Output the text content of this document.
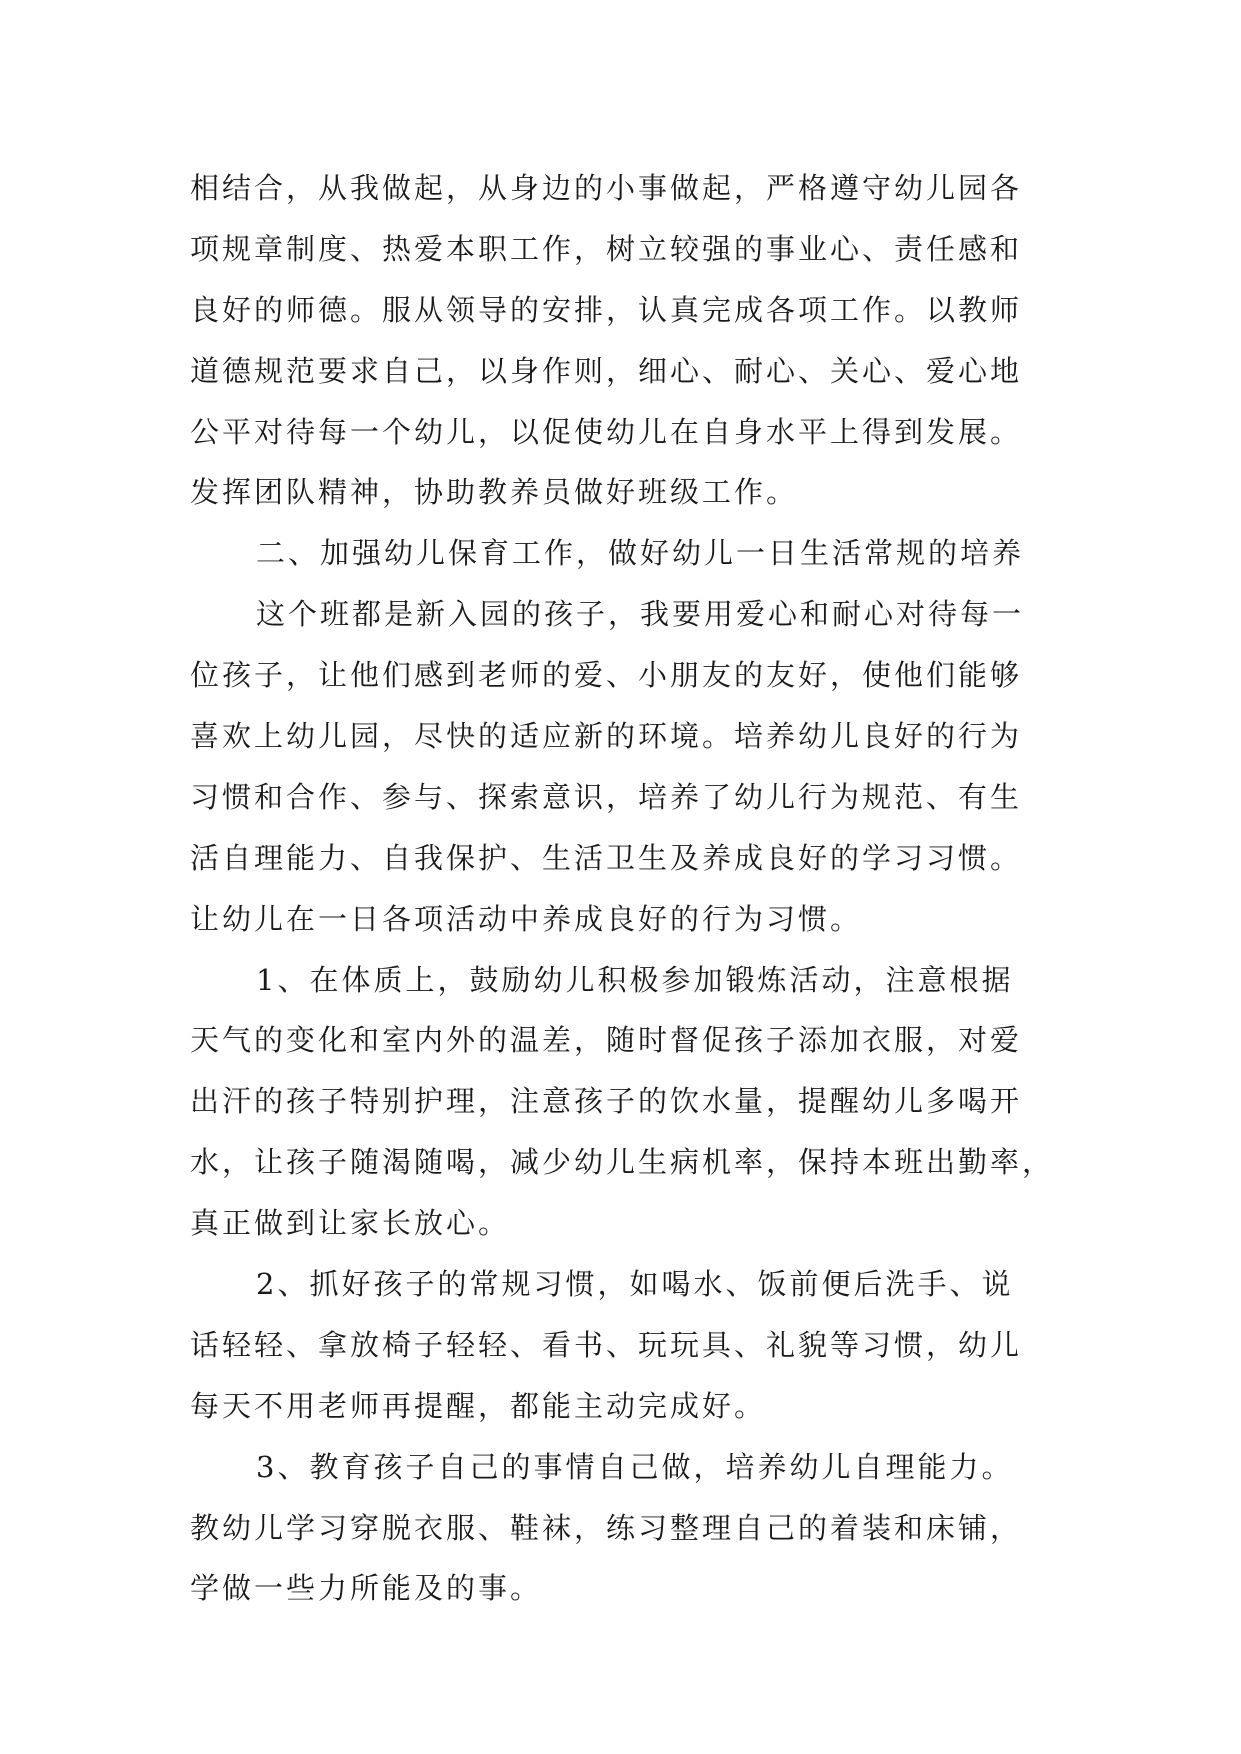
相结合，从我做起，从身边的小事做起，严格遵守幼儿园各
项规章制度、热爱本职工作，树立较强的事业心、责任感和
良好的师德。服从领导的安排，认真完成各项工作。以教师
道德规范要求自己，以身作则，细心、耐心、关心、爱心地
公平对待每一个幼儿，以促使幼儿在自身水平上得到发展。
发挥团队精神，协助教养员做好班级工作。
二、加强幼儿保育工作，做好幼儿一日生活常规的培养
这个班都是新入园的孩子，我要用爱心和耐心对待每一
位孩子，让他们感到老师的爱、小朋友的友好，使他们能够
喜欢上幼儿园，尽快的适应新的环境。培养幼儿良好的行为
习惯和合作、参与、探索意识，培养了幼儿行为规范、有生
活自理能力、自我保护、生活卫生及养成良好的学习习惯。
让幼儿在一日各项活动中养成良好的行为习惯。
1、在体质上，鼓励幼儿积极参加锻炼活动，注意根据
天气的变化和室内外的温差，随时督促孩子添加衣服，对爱
出汗的孩子特别护理，注意孩子的饮水量，提醒幼儿多喝开
水，让孩子随渴随喝，减少幼儿生病机率，保持本班出勤率，
真正做到让家长放心。
2、抓好孩子的常规习惯，如喝水、饭前便后洗手、说
话轻轻、拿放椅子轻轻、看书、玩玩具、礼貌等习惯，幼儿
每天不用老师再提醒，都能主动完成好。
3、教育孩子自己的事情自己做，培养幼儿自理能力。
教幼儿学习穿脱衣服、鞋袜，练习整理自己的着装和床铺，
学做一些力所能及的事。
